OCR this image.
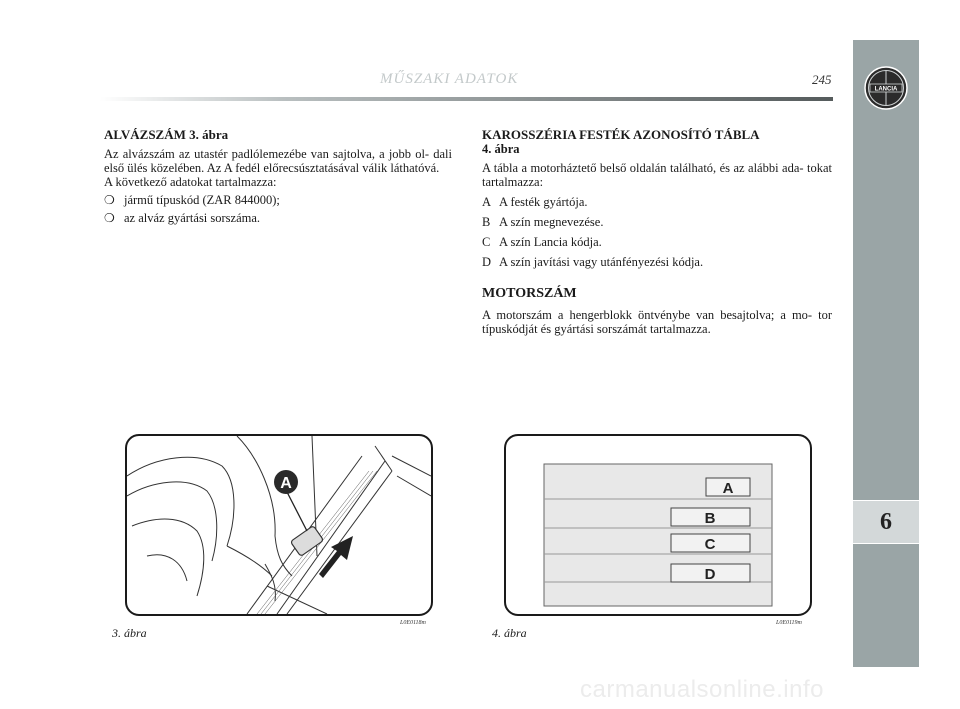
LANCIA
6
MŰSZAKI ADATOK	245
ALVÁZSZÁM 3. ábra

Az alvázszám az utastér padlólemezébe van sajtolva, a jobb ol- dali első ülés közelében. Az A fedél előrecsúsztatásával válik láthatóvá.

A következő adatokat tartalmazza:

❍ jármű típuskód (ZAR 844000);
❍ az alváz gyártási sorszáma.
KAROSSZÉRIA FESTÉK AZONOSÍTÓ TÁBLA
4. ábra

A tábla a motorháztető belső oldalán található, és az alábbi ada- tokat tartalmazza:

A A festék gyártója.
B A szín megnevezése.
C A szín Lancia kódja.
D A szín javítási vagy utánfényezési kódja.
MOTORSZÁM

A motorszám a hengerblokk öntvénybe van besajtolva; a mo- tor típuskódját és gyártási sorszámát tartalmazza.

A
3. ábra
L0E0118m
A
B
C
D
4. ábra
L0E0119m
carmanualsonline.info
